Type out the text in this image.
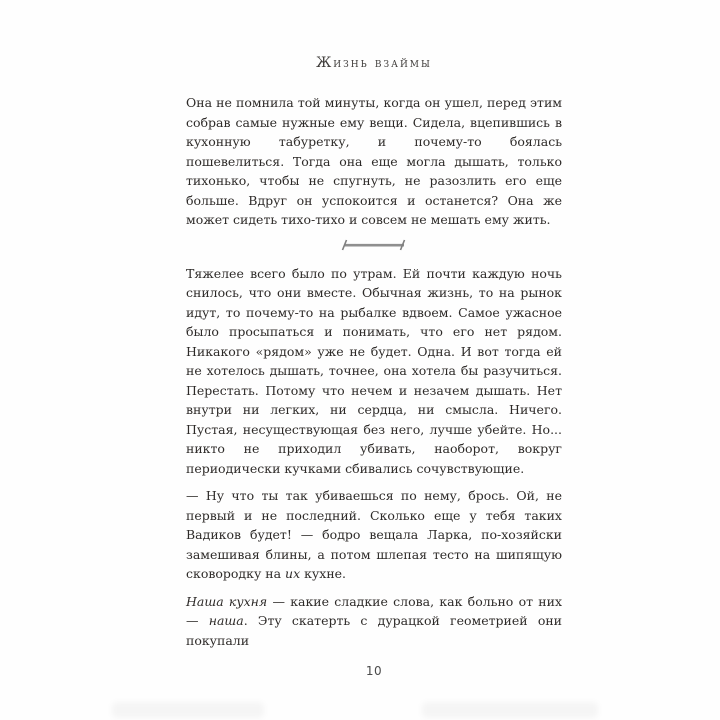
Жизнь взаймы

Она не помнила той минуты, когда он ушел, перед этим собрав самые нужные ему вещи. Сидела, вцепившись в кухонную табуретку, и почему-то боялась пошевелиться. Тогда она еще могла дышать, только тихонько, чтобы не спугнуть, не разозлить его еще больше. Вдруг он успокоится и останется? Она же может сидеть тихо-тихо и совсем не мешать ему жить.

Тяжелее всего было по утрам. Ей почти каждую ночь снилось, что они вместе. Обычная жизнь, то на рынок идут, то почему-то на рыбалке вдвоем. Самое ужасное было просыпаться и понимать, что его нет рядом. Никакого «рядом» уже не будет. Одна. И вот тогда ей не хотелось дышать, точнее, она хотела бы разучиться. Перестать. Потому что нечем и незачем дышать. Нет внутри ни легких, ни сердца, ни смысла. Ничего. Пустая, несуществующая без него, лучше убейте. Но... никто не приходил убивать, наоборот, вокруг периодически кучками сбивались сочувствующие.

— Ну что ты так убиваешься по нему, брось. Ой, не первый и не последний. Сколько еще у тебя таких Вадиков будет! — бодро вещала Ларка, по-хозяйски замешивая блины, а потом шлепая тесто на шипящую сковородку на их кухне.

Наша кухня — какие сладкие слова, как больно от них — наша. Эту скатерть с дурацкой геометрией они покупали

10
